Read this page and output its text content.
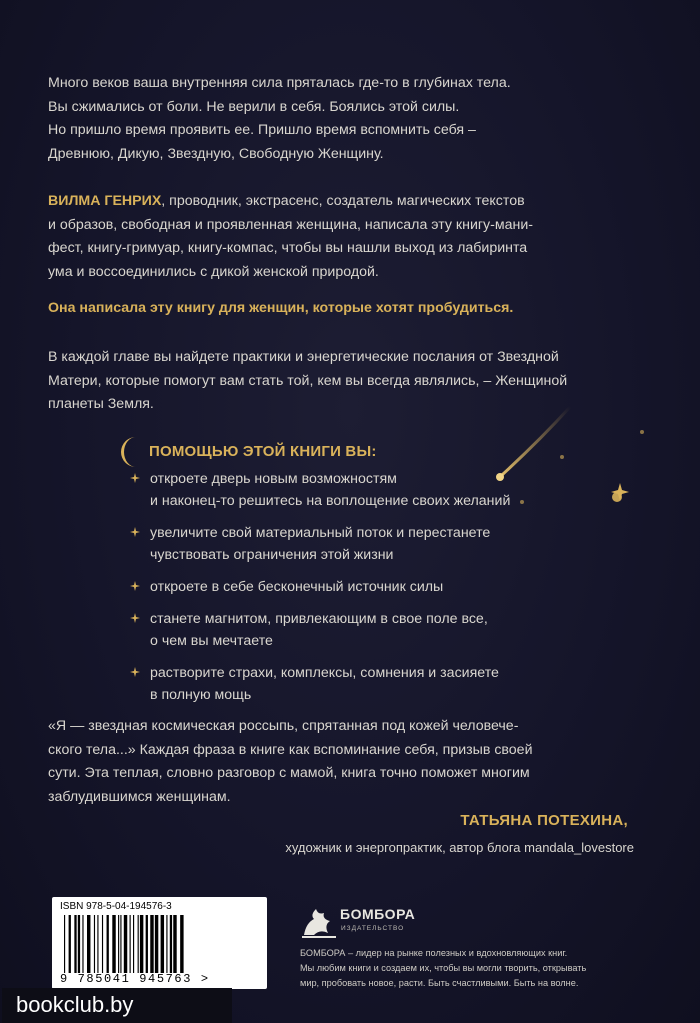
Много веков ваша внутренняя сила пряталась где-то в глубинах тела.
Вы сжимались от боли. Не верили в себя. Боялись этой силы.
Но пришло время проявить ее. Пришло время вспомнить себя –
Древнюю, Дикую, Звездную, Свободную Женщину.
ВИЛМА ГЕНРИХ, проводник, экстрасенс, создатель магических текстов
и образов, свободная и проявленная женщина, написала эту книгу-мани-
фест, книгу-гримуар, книгу-компас, чтобы вы нашли выход из лабиринта
ума и воссоединились с дикой женской природой.
Она написала эту книгу для женщин, которые хотят пробудиться.
В каждой главе вы найдете практики и энергетические послания от Звездной
Матери, которые помогут вам стать той, кем вы всегда являлись, – Женщиной
планеты Земля.
ПОМОЩЬЮ ЭТОЙ КНИГИ ВЫ:
откроете дверь новым возможностям
и наконец-то решитесь на воплощение своих желаний
увеличите свой материальный поток и перестанете
чувствовать ограничения этой жизни
откроете в себе бесконечный источник силы
станете магнитом, привлекающим в свое поле все,
о чем вы мечтаете
растворите страхи, комплексы, сомнения и засияете
в полную мощь
«Я — звездная космическая россыпь, спрятанная под кожей человече-
ского тела...» Каждая фраза в книге как вспоминание себя, призыв своей
сути. Эта теплая, словно разговор с мамой, книга точно поможет многим
заблудившимся женщинам.
ТАТЬЯНА ПОТЕХИНА,
художник и энергопрактик, автор блога mandala_lovestore
ISBN 978-5-04-194576-3
9 785041 945763 >
bookclub.by
БОМБОРА
ИЗДАТЕЛЬСТВО
БОМБОРА – лидер на рынке полезных и вдохновляющих книг.
Мы любим книги и создаем их, чтобы вы могли творить, открывать
мир, пробовать новое, расти. Быть счастливыми. Быть на волне.
